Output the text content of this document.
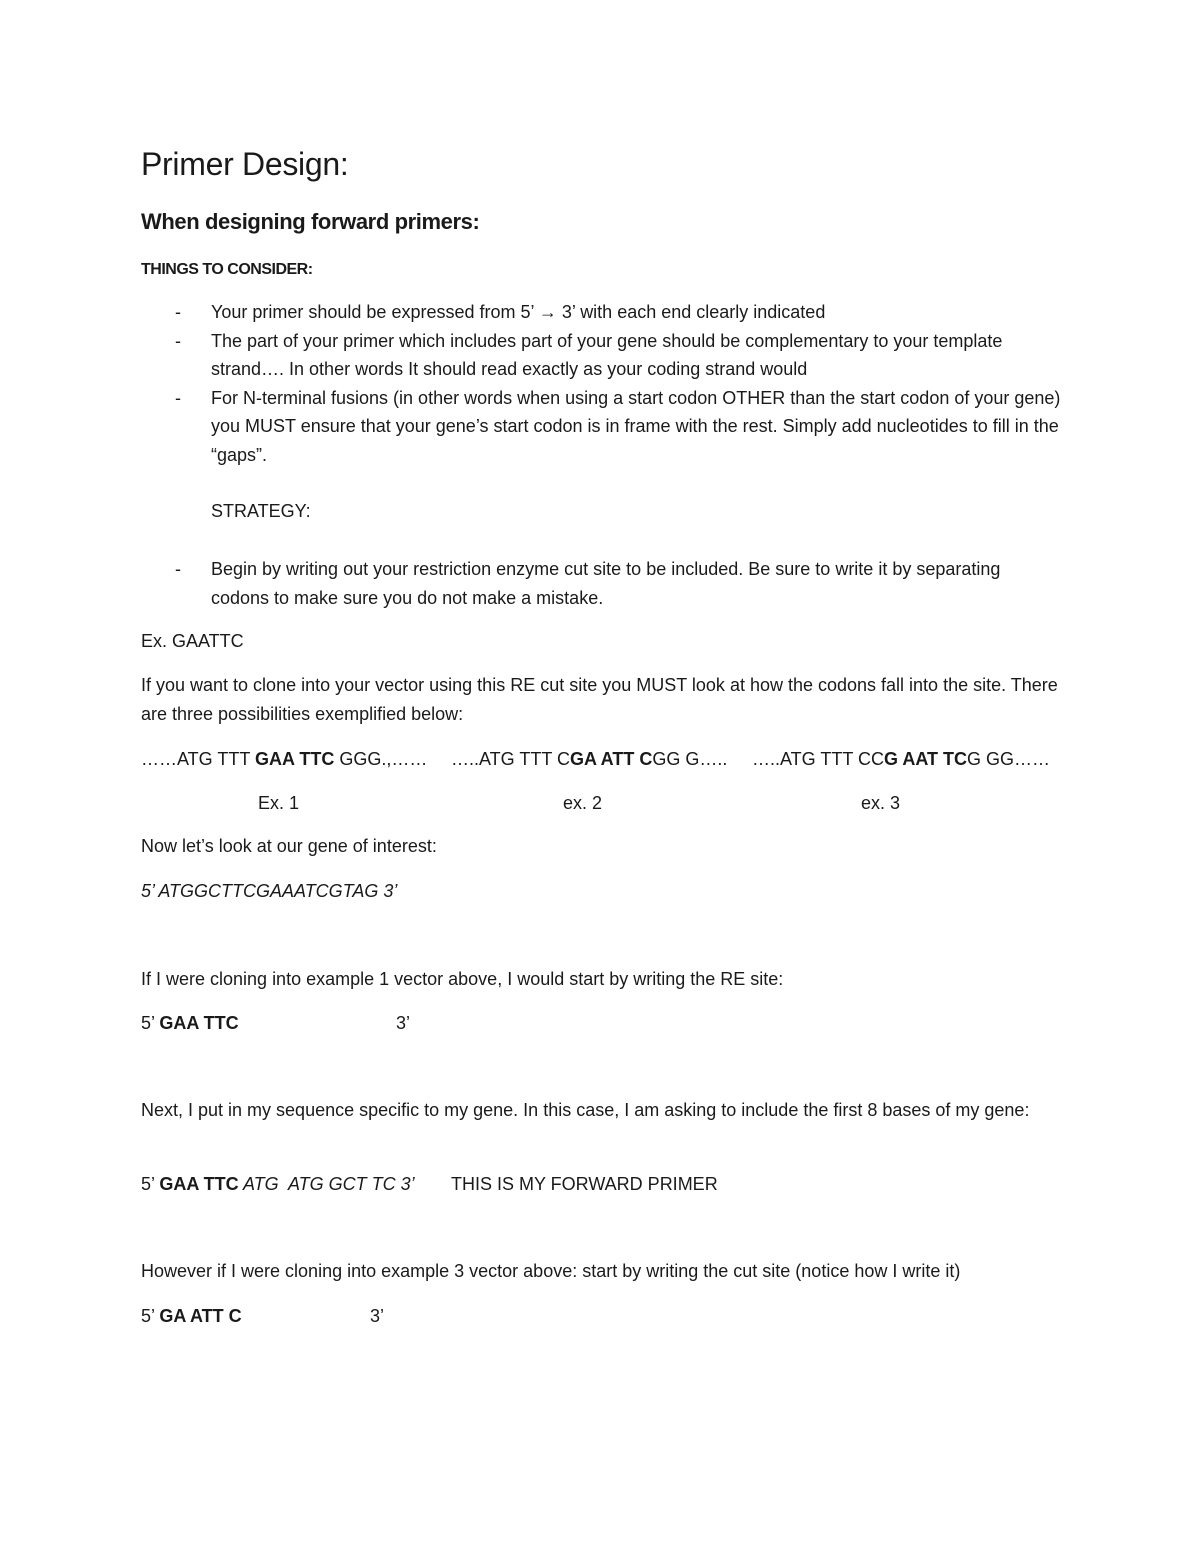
Primer Design:
When designing forward primers:
THINGS TO CONSIDER:
- Your primer should be expressed from 5’ → 3’ with each end clearly indicated
- The part of your primer which includes part of your gene should be complementary to your template strand…. In other words It should read exactly as your coding strand would
- For N-terminal fusions (in other words when using a start codon OTHER than the start codon of your gene) you MUST ensure that your gene’s start codon is in frame with the rest. Simply add nucleotides to fill in the “gaps”.
STRATEGY:
- Begin by writing out your restriction enzyme cut site to be included. Be sure to write it by separating codons to make sure you do not make a mistake.
Ex. GAATTC
If you want to clone into your vector using this RE cut site you MUST look at how the codons fall into the site. There are three possibilities exemplified below:
……ATG TTT GAA TTC GGG.,…… …..ATG TTT CGA ATT CGG G….. …..ATG TTT CCG AAT TCG GG……
Ex. 1	ex. 2	ex. 3
Now let’s look at our gene of interest:
5’ ATGGCTTCGAAATCGTAG 3’
If I were cloning into example 1 vector above, I would start by writing the RE site:
5’ GAA TTC	3’
Next, I put in my sequence specific to my gene. In this case, I am asking to include the first 8 bases of my gene:
5’ GAA TTC ATG  ATG GCT TC 3’ THIS IS MY FORWARD PRIMER
However if I were cloning into example 3 vector above: start by writing the cut site (notice how I write it)
5’ GA ATT C	3’
